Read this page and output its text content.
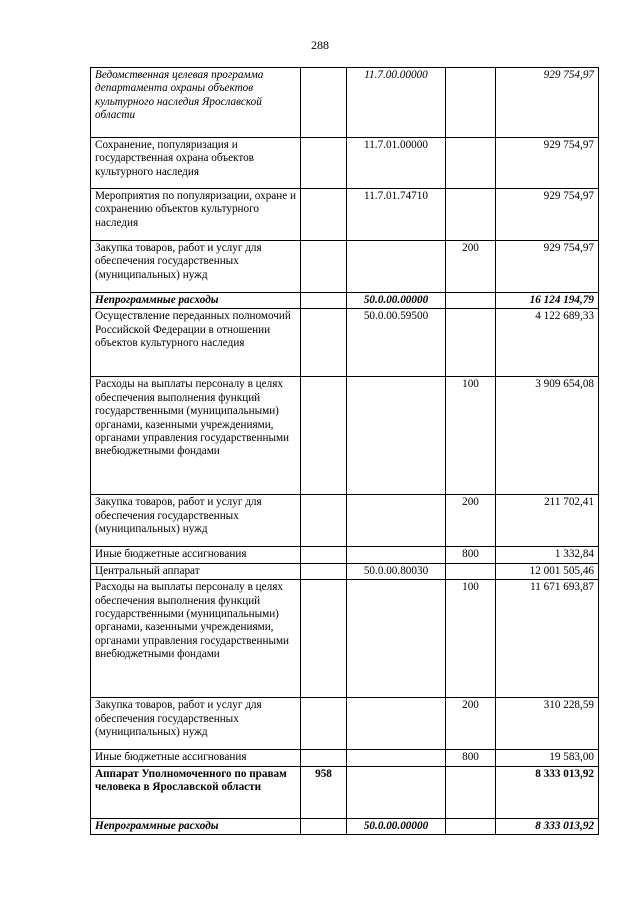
288
Ведомственная целевая программа департамента охраны объектов культурного наследия Ярославской области		11.7.00.00000		929 754,97
Сохранение, популяризация и государственная охрана объектов культурного наследия		11.7.01.00000		929 754,97
Мероприятия по популяризации, охране и сохранению объектов культурного наследия		11.7.01.74710		929 754,97
Закупка товаров, работ и услуг для обеспечения государственных (муниципальных) нужд			200	929 754,97
Непрограммные расходы		50.0.00.00000		16 124 194,79
Осуществление переданных полномочий Российской Федерации в отношении объектов культурного наследия		50.0.00.59500		4 122 689,33
Расходы на выплаты персоналу в целях обеспечения выполнения функций государственными (муниципальными) органами, казенными учреждениями, органами управления государственными внебюджетными фондами			100	3 909 654,08
Закупка товаров, работ и услуг для обеспечения государственных (муниципальных) нужд			200	211 702,41
Иные бюджетные ассигнования			800	1 332,84
Центральный аппарат		50.0.00.80030		12 001 505,46
Расходы на выплаты персоналу в целях обеспечения выполнения функций государственными (муниципальными) органами, казенными учреждениями, органами управления государственными внебюджетными фондами			100	11 671 693,87
Закупка товаров, работ и услуг для обеспечения государственных (муниципальных) нужд			200	310 228,59
Иные бюджетные ассигнования			800	19 583,00
Аппарат Уполномоченного по правам человека в Ярославской области	958			8 333 013,92
Непрограммные расходы		50.0.00.00000		8 333 013,92
